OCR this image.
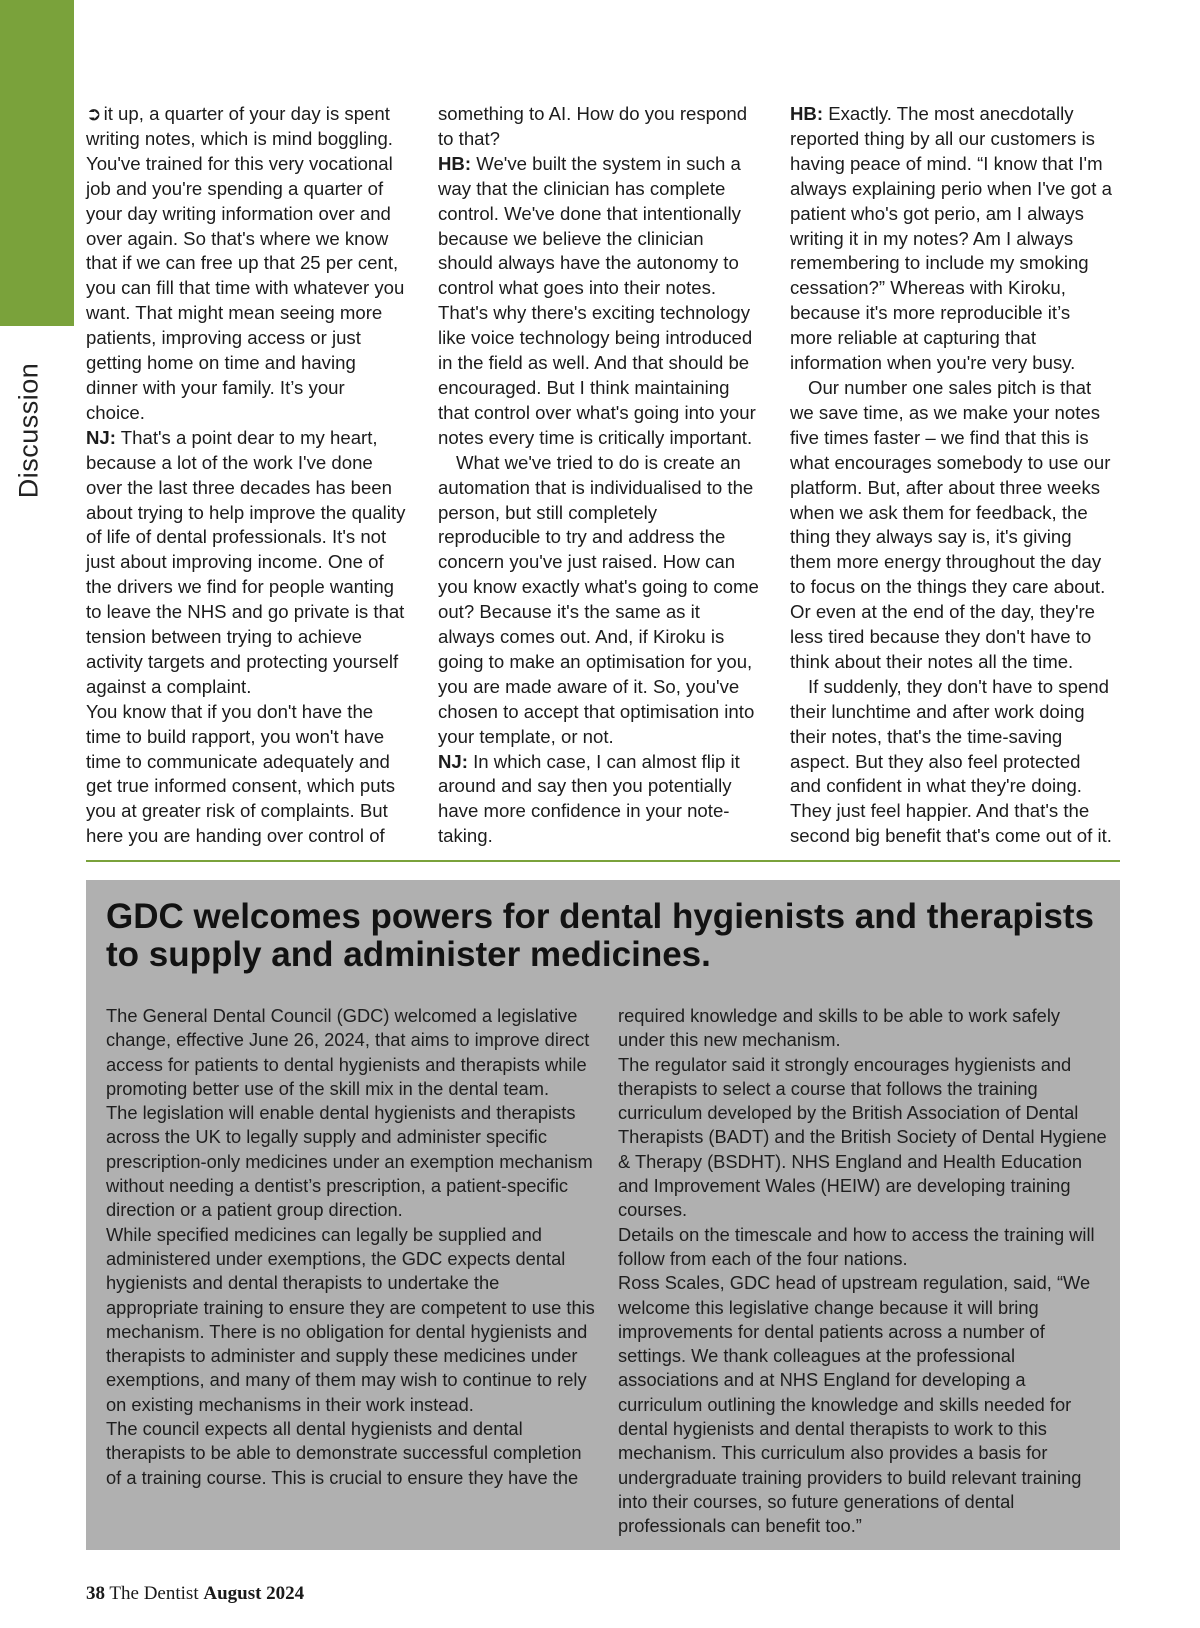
Discussion

➲ it up, a quarter of your day is spent writing notes, which is mind boggling. You've trained for this very vocational job and you're spending a quarter of your day writing information over and over again. So that's where we know that if we can free up that 25 per cent, you can fill that time with whatever you want. That might mean seeing more patients, improving access or just getting home on time and having dinner with your family. It’s your choice.

NJ: That's a point dear to my heart, because a lot of the work I've done over the last three decades has been about trying to help improve the quality of life of dental professionals. It's not just about improving income. One of the drivers we find for people wanting to leave the NHS and go private is that tension between trying to achieve activity targets and protecting yourself against a complaint.

You know that if you don't have the time to build rapport, you won't have time to communicate adequately and get true informed consent, which puts you at greater risk of complaints. But here you are handing over control of

something to AI. How do you respond to that?

HB: We've built the system in such a way that the clinician has complete control. We've done that intentionally because we believe the clinician should always have the autonomy to control what goes into their notes. That's why there's exciting technology like voice technology being introduced in the field as well. And that should be encouraged. But I think maintaining that control over what's going into your notes every time is critically important.

What we've tried to do is create an automation that is individualised to the person, but still completely reproducible to try and address the concern you've just raised. How can you know exactly what's going to come out? Because it's the same as it always comes out. And, if Kiroku is going to make an optimisation for you, you are made aware of it. So, you've chosen to accept that optimisation into your template, or not.

NJ: In which case, I can almost flip it around and say then you potentially have more confidence in your note-taking.

HB: Exactly. The most anecdotally reported thing by all our customers is having peace of mind. “I know that I'm always explaining perio when I've got a patient who's got perio, am I always writing it in my notes? Am I always remembering to include my smoking cessation?” Whereas with Kiroku, because it's more reproducible it’s more reliable at capturing that information when you're very busy.

Our number one sales pitch is that we save time, as we make your notes five times faster – we find that this is what encourages somebody to use our platform. But, after about three weeks when we ask them for feedback, the thing they always say is, it's giving them more energy throughout the day to focus on the things they care about. Or even at the end of the day, they're less tired because they don't have to think about their notes all the time.

If suddenly, they don't have to spend their lunchtime and after work doing their notes, that's the time-saving aspect. But they also feel protected and confident in what they're doing. They just feel happier. And that's the second big benefit that's come out of it.

GDC welcomes powers for dental hygienists and therapists to supply and administer medicines.

The General Dental Council (GDC) welcomed a legislative change, effective June 26, 2024, that aims to improve direct access for patients to dental hygienists and therapists while promoting better use of the skill mix in the dental team.

The legislation will enable dental hygienists and therapists across the UK to legally supply and administer specific prescription-only medicines under an exemption mechanism without needing a dentist’s prescription, a patient-specific direction or a patient group direction.

While specified medicines can legally be supplied and administered under exemptions, the GDC expects dental hygienists and dental therapists to undertake the appropriate training to ensure they are competent to use this mechanism. There is no obligation for dental hygienists and therapists to administer and supply these medicines under exemptions, and many of them may wish to continue to rely on existing mechanisms in their work instead.

The council expects all dental hygienists and dental therapists to be able to demonstrate successful completion of a training course. This is crucial to ensure they have the

required knowledge and skills to be able to work safely under this new mechanism.

The regulator said it strongly encourages hygienists and therapists to select a course that follows the training curriculum developed by the British Association of Dental Therapists (BADT) and the British Society of Dental Hygiene & Therapy (BSDHT). NHS England and Health Education and Improvement Wales (HEIW) are developing training courses.

Details on the timescale and how to access the training will follow from each of the four nations.

Ross Scales, GDC head of upstream regulation, said, “We welcome this legislative change because it will bring improvements for dental patients across a number of settings. We thank colleagues at the professional associations and at NHS England for developing a curriculum outlining the knowledge and skills needed for dental hygienists and dental therapists to work to this mechanism. This curriculum also provides a basis for undergraduate training providers to build relevant training into their courses, so future generations of dental professionals can benefit too.”

38 The Dentist August 2024
